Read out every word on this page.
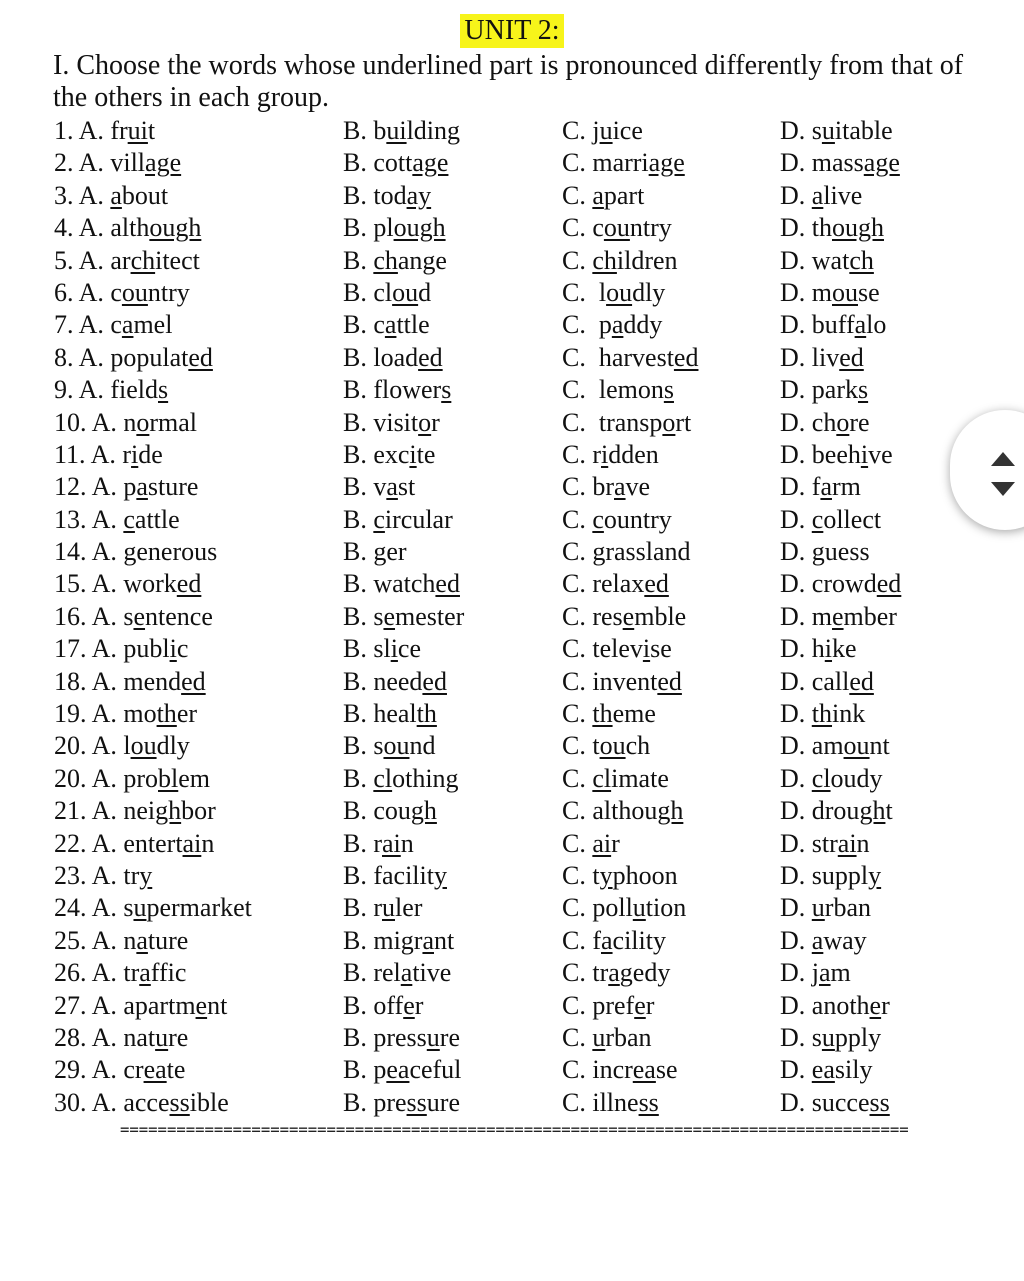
UNIT 2:
I. Choose the words whose underlined part is pronounced differently from that of the others in each group.
1. A. fruit	B. building	C. juice	D. suitable
2. A. village	B. cottage	C. marriage	D. massage
3. A. about	B. today	C. apart	D. alive
4. A. although	B. plough	C. country	D. though
5. A. architect	B. change	C. children	D. watch
6. A. country	B. cloud	C.  loudly	D. mouse
7. A. camel	B. cattle	C.  paddy	D. buffalo
8. A. populated	B. loaded	C.  harvested	D. lived
9. A. fields	B. flowers	C.  lemons	D. parks
10. A. normal	B. visitor	C.  transport	D. chore
11. A. ride	B. excite	C. ridden	D. beehive
12. A. pasture	B. vast	C. brave	D. farm
13. A. cattle	B. circular	C. country	D. collect
14. A. generous	B. ger	C. grassland	D. guess
15. A. worked	B. watched	C. relaxed	D. crowded
16. A. sentence	B. semester	C. resemble	D. member
17. A. public	B. slice	C. televise	D. hike
18. A. mended	B. needed	C. invented	D. called
19. A. mother	B. health	C. theme	D. think
20. A. loudly	B. sound	C. touch	D. amount
20. A. problem	B. clothing	C. climate	D. cloudy
21. A. neighbor	B. cough	C. although	D. drought
22. A. entertain	B. rain	C. air	D. strain
23. A. try	B. facility	C. typhoon	D. supply
24. A. supermarket	B. ruler	C. pollution	D. urban
25. A. nature	B. migrant	C. facility	D. away
26. A. traffic	B. relative	C. tragedy	D. jam
27. A. apartment	B. offer	C. prefer	D. another
28. A. nature	B. pressure	C. urban	D. supply
29. A. create	B. peaceful	C. increase	D. easily
30. A. accessible	B. pressure	C. illness	D. success
====================================================================================
